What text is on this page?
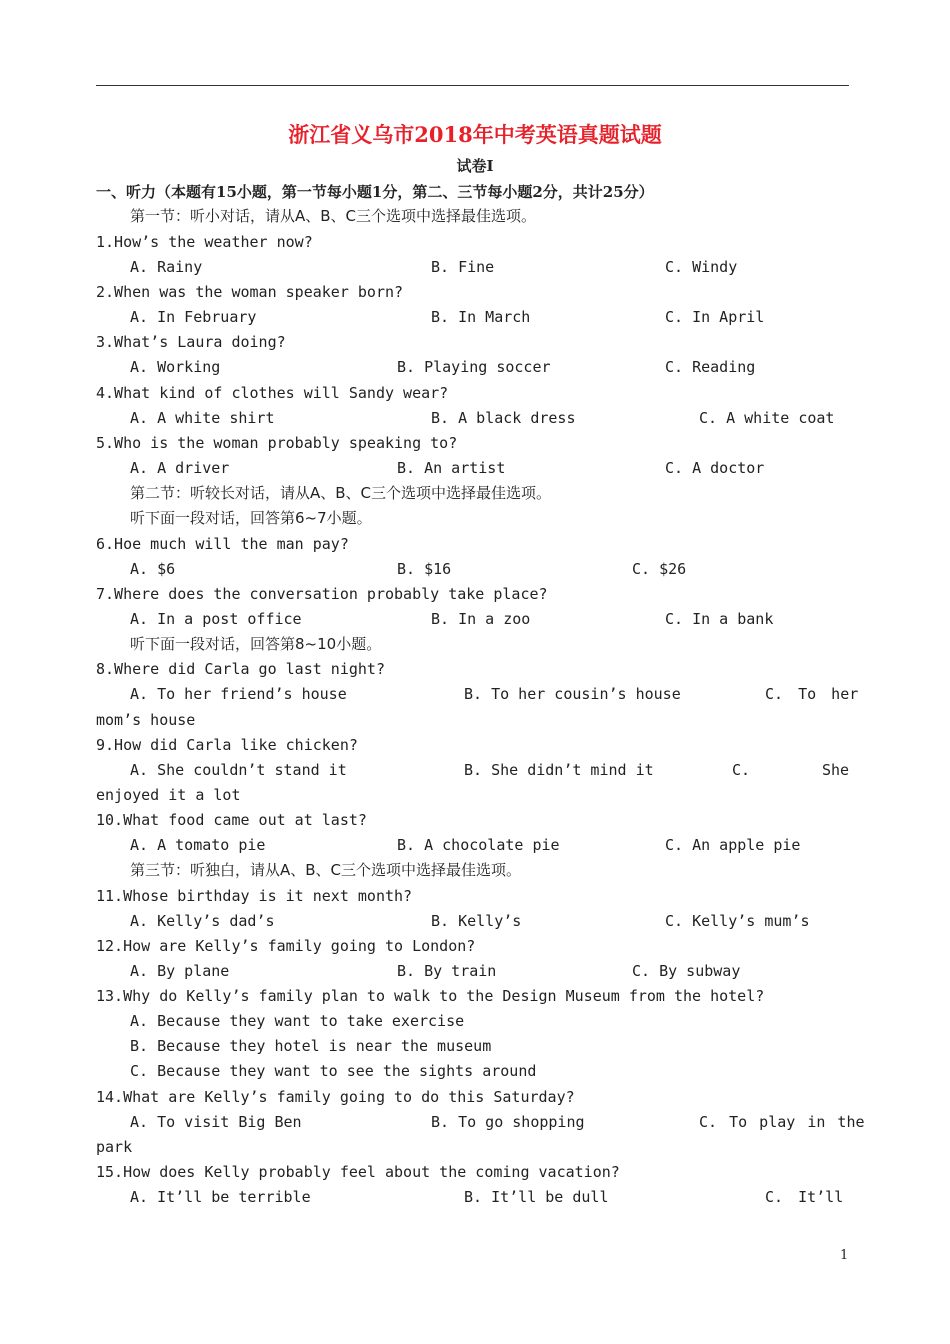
浙江省义乌市2018年中考英语真题试题
试卷Ⅰ
一、听力（本题有15小题，第一节每小题1分，第二、三节每小题2分，共计25分）
第一节：听小对话，请从A、B、C三个选项中选择最佳选项。
1.How’s the weather now?
A. Rainy	B. Fine	C. Windy
2.When was the woman speaker born?
A. In February	B. In March	C. In April
3.What’s Laura doing?
A. Working	B. Playing soccer	C. Reading
4.What kind of clothes will Sandy wear?
A. A white shirt	B. A black dress	C. A white coat
5.Who is the woman probably speaking to?
A. A driver	B. An artist	C. A doctor
第二节：听较长对话，请从A、B、C三个选项中选择最佳选项。
听下面一段对话，回答第6~7小题。
6.Hoe much will the man pay?
A. $6	B. $16	C. $26
7.Where does the conversation probably take place?
A. In a post office	B. In a zoo	C. In a bank
听下面一段对话，回答第8~10小题。
8.Where did Carla go last night?
A. To her friend’s house	B. To her cousin’s house	C. To her
mom’s house
9.How did Carla like chicken?
A. She couldn’t stand it	B. She didn’t mind it	C.	She
enjoyed it a lot
10.What food came out at last?
A. A tomato pie	B. A chocolate pie	C. An apple pie
第三节：听独白，请从A、B、C三个选项中选择最佳选项。
11.Whose birthday is it next month?
A. Kelly’s dad’s	B. Kelly’s	C. Kelly’s mum’s
12.How are Kelly’s family going to London?
A. By plane	B. By train	C. By subway
13.Why do Kelly’s family plan to walk to the Design Museum from the hotel?
A. Because they want to take exercise
B. Because they hotel is near the museum
C. Because they want to see the sights around
14.What are Kelly’s family going to do this Saturday?
A. To visit Big Ben	B. To go shopping	C. To play in the
park
15.How does Kelly probably feel about the coming vacation?
A. It’ll be terrible	B. It’ll be dull	C. It’ll
1
